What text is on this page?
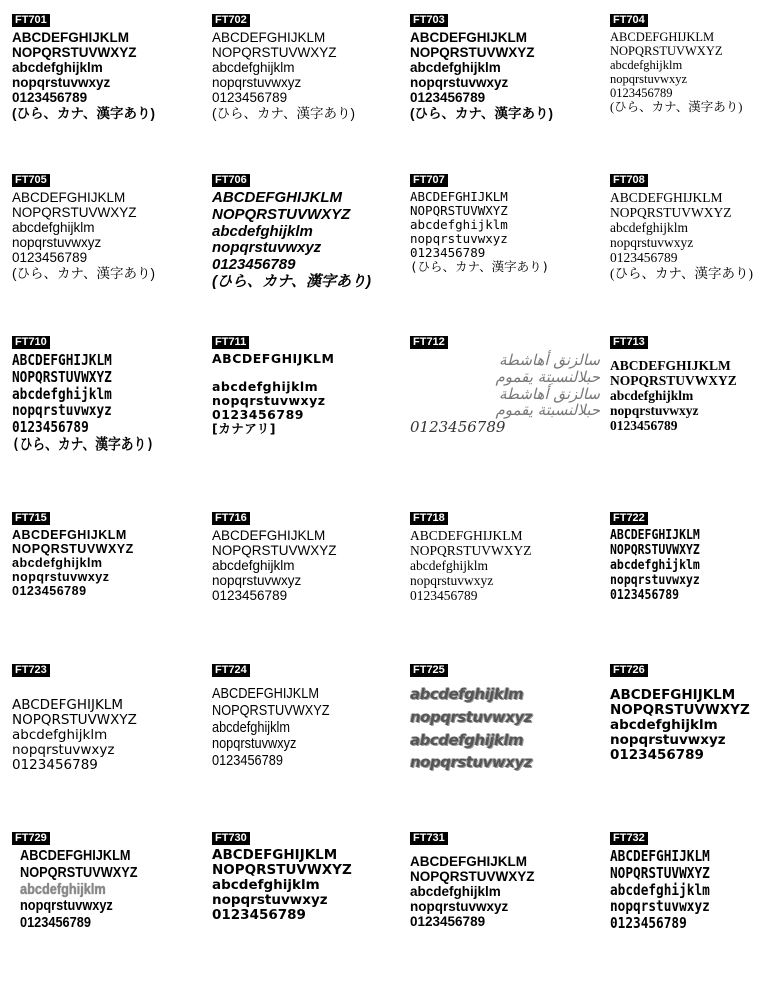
FT701
ABCDEFGHIJKLM
NOPQRSTUVWXYZ
abcdefghijklm
nopqrstuvwxyz
0123456789
(ひら、カナ、漢字あり)
FT702
ABCDEFGHIJKLM
NOPQRSTUVWXYZ
abcdefghijklm
nopqrstuvwxyz
0123456789
(ひら、カナ、漢字あり)
FT703
ABCDEFGHIJKLM
NOPQRSTUVWXYZ
abcdefghijklm
nopqrstuvwxyz
0123456789
(ひら、カナ、漢字あり)
FT704
ABCDEFGHIJKLM
NOPQRSTUVWXYZ
abcdefghijklm
nopqrstuvwxyz
0123456789
(ひら、カナ、漢字あり)
FT705
ABCDEFGHIJKLM
NOPQRSTUVWXYZ
abcdefghijklm
nopqrstuvwxyz
0123456789
(ひら、カナ、漢字あり)
FT706
ABCDEFGHIJKLM
NOPQRSTUVWXYZ
abcdefghijklm
nopqrstuvwxyz
0123456789
(ひら、カナ、漢字あり)
FT707
ABCDEFGHIJKLM
NOPQRSTUVWXYZ
abcdefghijklm
nopqrstuvwxyz
0123456789
(ひら、カナ、漢字あり)
FT708
ABCDEFGHIJKLM
NOPQRSTUVWXYZ
abcdefghijklm
nopqrstuvwxyz
0123456789
(ひら、カナ、漢字あり)
FT710
ABCDEFGHIJKLM
NOPQRSTUVWXYZ
abcdefghijklm
nopqrstuvwxyz
0123456789
(ひら、カナ、漢字あり)
FT711
ABCDEFGHIJKLM

abcdefghijklm
nopqrstuvwxyz
0123456789
[カナアリ]
FT712
سالزنق أهاشطة
حبلالنسبتة يقموم
سالزنق أهاشطة
حبلالنسبتة يقموم
0123456789
FT713
ABCDEFGHIJKLM
NOPQRSTUVWXYZ
abcdefghijklm
nopqrstuvwxyz
0123456789
FT715
ABCDEFGHIJKLM
NOPQRSTUVWXYZ
abcdefghijklm
nopqrstuvwxyz
0123456789
FT716
ABCDEFGHIJKLM
NOPQRSTUVWXYZ
abcdefghijklm
nopqrstuvwxyz
0123456789
FT718
ABCDEFGHIJKLM
NOPQRSTUVWXYZ
abcdefghijklm
nopqrstuvwxyz
0123456789
FT722
ABCDEFGHIJKLM
NOPQRSTUVWXYZ
abcdefghijklm
nopqrstuvwxyz
0123456789
FT723
ABCDEFGHIJKLM
NOPQRSTUVWXYZ
abcdefghijklm
nopqrstuvwxyz
0123456789
FT724
ABCDEFGHIJKLM
NOPQRSTUVWXYZ
abcdefghijklm
nopqrstuvwxyz
0123456789
FT725
abcdefghijklm
nopqrstuvwxyz
abcdefghijklm
nopqrstuvwxyz
FT726
ABCDEFGHIJKLM
NOPQRSTUVWXYZ
abcdefghijklm
nopqrstuvwxyz
0123456789
FT729
ABCDEFGHIJKLM
NOPQRSTUVWXYZ
abcdefghijklm
nopqrstuvwxyz
0123456789
FT730
ABCDEFGHIJKLM
NOPQRSTUVWXYZ
abcdefghijklm
nopqrstuvwxyz
0123456789
FT731
ABCDEFGHIJKLM
NOPQRSTUVWXYZ
abcdefghijklm
nopqrstuvwxyz
0123456789
FT732
ABCDEFGHIJKLM
NOPQRSTUVWXYZ
abcdefghijklm
nopqrstuvwxyz
0123456789
